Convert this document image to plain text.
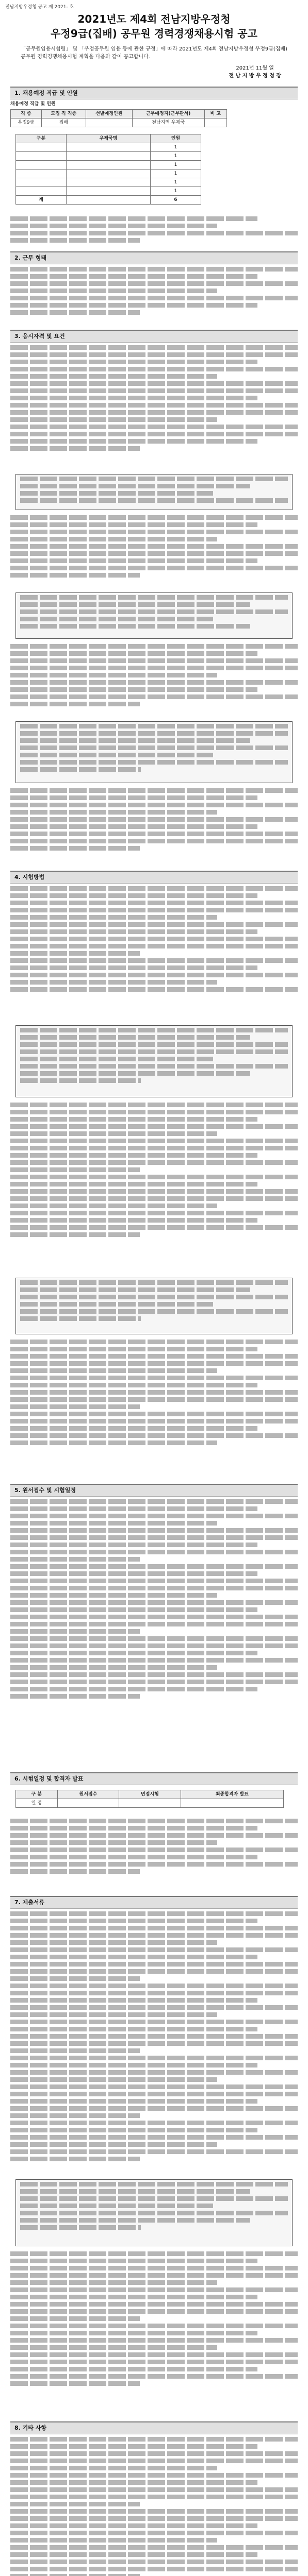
전남지방우정청 공고 제 2021- 호
2021년도 제4회 전남지방우정청
우정9급(집배) 공무원 경력경쟁채용시험 공고
「공무원임용시험령」 및 「우정공무원 임용 등에 관한 규정」에 따라 2021년도 제4회 전남지방우정청 우정9급(집배) 공무원 경력경쟁채용시험 계획을 다음과 같이 공고합니다.
2021년 11월 일
전 남 지 방 우 정 청 장
1. 채용예정 직급 및 인원
채용예정 직급 및 인원
직 종	모집 직 직종	선발예정인원	근무예정지(근무관서)	비 고
우정9급	집배		전남지역 우체국	
구분	우체국명	인원
		1
		1
		1
		1
		1
		1
계		6
2. 근무 형태
3. 응시자격 및 요건
4. 시험방법
5. 원서접수 및 시험일정
6. 시험일정 및 합격자 발표
구 분	원서접수	면접시험	최종합격자 발표
일 정			
7. 제출서류
8. 기타 사항
